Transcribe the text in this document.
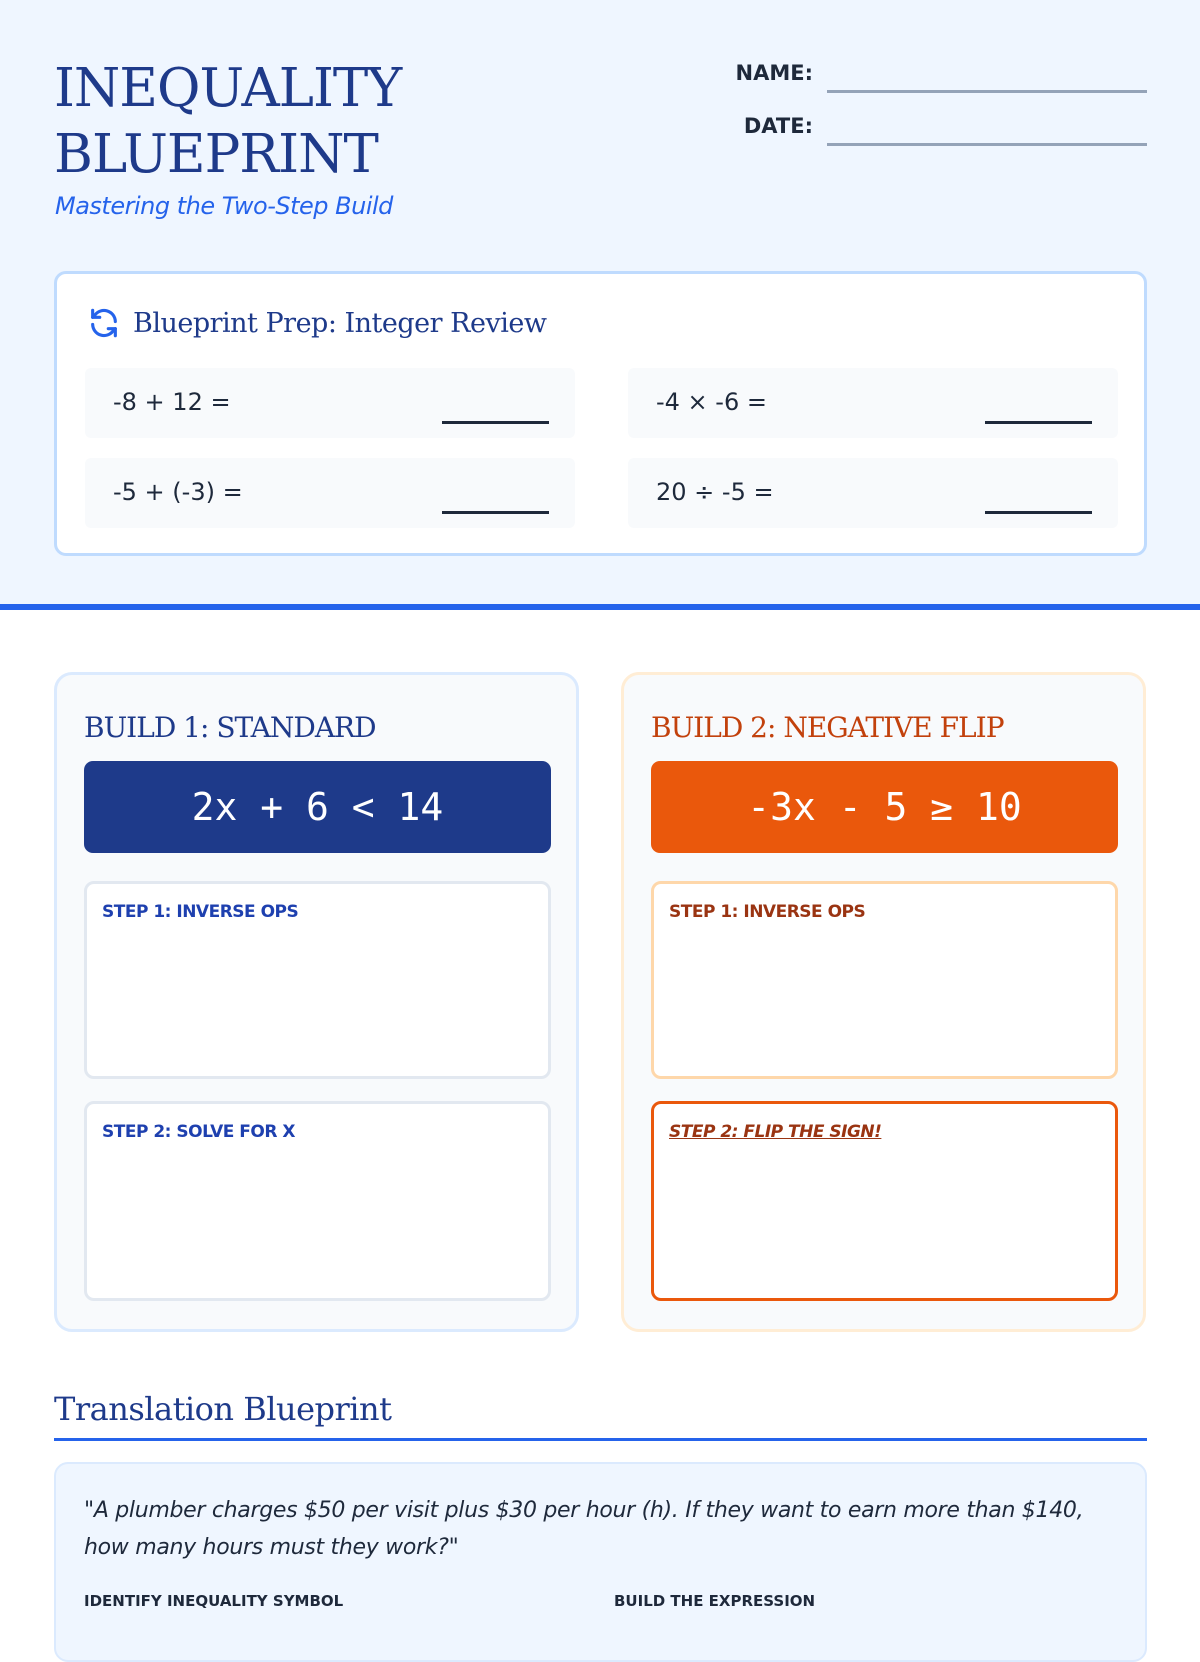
INEQUALITY
BLUEPRINT
Mastering the Two-Step Build
NAME:
DATE:
Blueprint Prep: Integer Review
-8 + 12 =	-4 × -6 =
-5 + (-3) =	20 ÷ -5 =
BUILD 1: STANDARD
2x + 6 < 14
STEP 1: INVERSE OPS
STEP 2: SOLVE FOR X
BUILD 2: NEGATIVE FLIP
-3x - 5 ≥ 10
STEP 1: INVERSE OPS
STEP 2: FLIP THE SIGN!
Translation Blueprint
"A plumber charges $50 per visit plus $30 per hour (h). If they want to earn more than $140, how many hours must they work?"
IDENTIFY INEQUALITY SYMBOL	BUILD THE EXPRESSION
